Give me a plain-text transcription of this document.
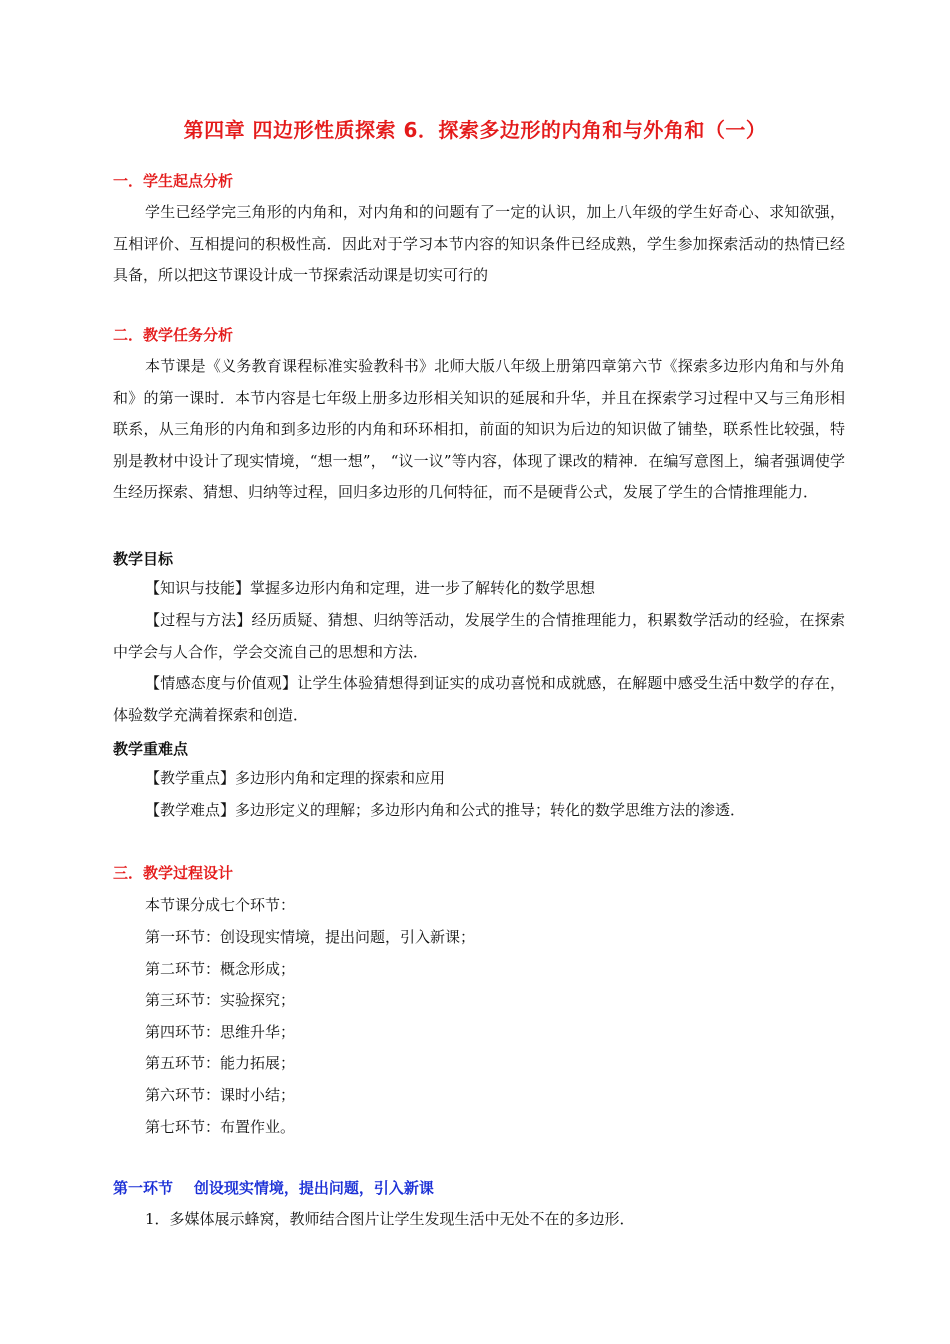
第四章 四边形性质探索 6．探索多边形的内角和与外角和（一）
一．学生起点分析
学生已经学完三角形的内角和，对内角和的问题有了一定的认识，加上八年级的学生好奇心、求知欲强，互相评价、互相提问的积极性高．因此对于学习本节内容的知识条件已经成熟，学生参加探索活动的热情已经具备，所以把这节课设计成一节探索活动课是切实可行的
二．教学任务分析
本节课是《义务教育课程标准实验教科书》北师大版八年级上册第四章第六节《探索多边形内角和与外角和》的第一课时．本节内容是七年级上册多边形相关知识的延展和升华，并且在探索学习过程中又与三角形相联系，从三角形的内角和到多边形的内角和环环相扣，前面的知识为后边的知识做了铺垫，联系性比较强，特别是教材中设计了现实情境，“想一想”， “议一议”等内容，体现了课改的精神．在编写意图上，编者强调使学生经历探索、猜想、归纳等过程，回归多边形的几何特征，而不是硬背公式，发展了学生的合情推理能力．
教学目标
【知识与技能】掌握多边形内角和定理，进一步了解转化的数学思想
【过程与方法】经历质疑、猜想、归纳等活动，发展学生的合情推理能力，积累数学活动的经验，在探索中学会与人合作，学会交流自己的思想和方法．
【情感态度与价值观】让学生体验猜想得到证实的成功喜悦和成就感，在解题中感受生活中数学的存在，体验数学充满着探索和创造．
教学重难点
【教学重点】多边形内角和定理的探索和应用
【教学难点】多边形定义的理解；多边形内角和公式的推导；转化的数学思维方法的渗透．
三．教学过程设计
本节课分成七个环节：
第一环节：创设现实情境，提出问题，引入新课；
第二环节：概念形成；
第三环节：实验探究；
第四环节：思维升华；
第五环节：能力拓展；
第六环节：课时小结；
第七环节：布置作业。
第一环节    创设现实情境，提出问题，引入新课
1．多媒体展示蜂窝，教师结合图片让学生发现生活中无处不在的多边形．
